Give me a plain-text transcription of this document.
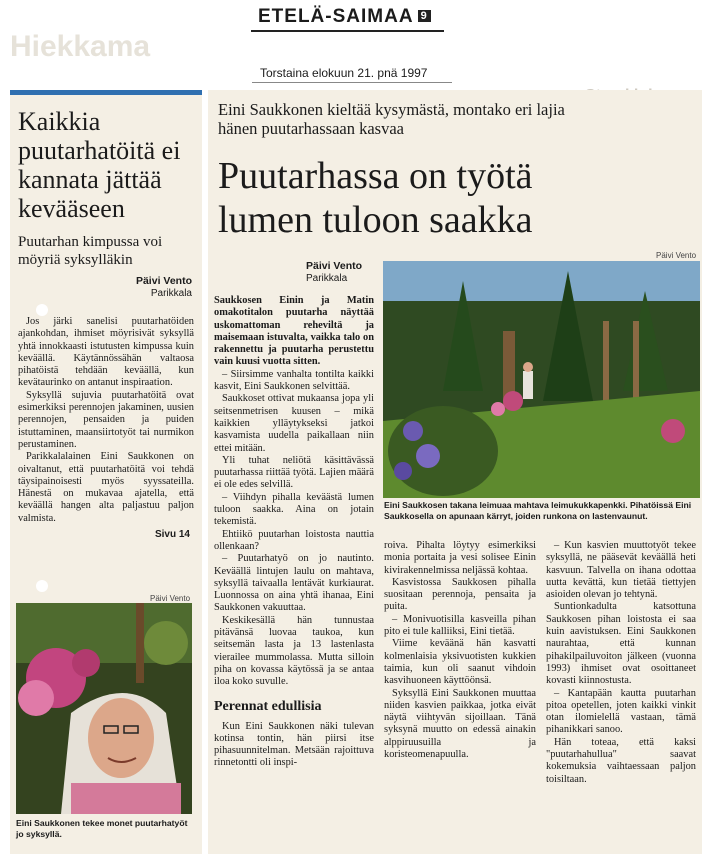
Hiekkama
ETELÄ-SAIMAA 9
Torstaina elokuun 21. pnä 1997
Kaikkia puutarhatöitä ei kannata jättää kevääseen
Puutarhan kimpussa voi möyriä syksylläkin
Päivi Vento
Parikkala

Jos järki sanelisi puutarhatöiden ajankohdan, ihmiset möyrisivät syksyllä yhtä innokkaasti istutusten kimpussa kuin keväällä. Käytännössähän valtaosa pihatöistä tehdään keväällä, kun kevätaurinko on antanut inspiraation.

Syksyllä sujuvia puutarhatöitä ovat esimerkiksi perennojen jakaminen, uusien perennojen, pensaiden ja puiden istuttaminen, maansiirtotyöt tai nurmikon perustaminen.

Parikkalalainen Eini Saukkonen on oivaltanut, että puutarhatöitä voi tehdä täysipainoisesti myös syyssateilla. Hänestä on mukavaa ajatella, että keväällä hangen alta paljastuu paljon valmista.

Sivu 14
Päivi Vento
Eini Saukkonen tekee monet puutarhatyöt jo syksyllä.
Eini Saukkonen kieltää kysymästä, montako eri lajia hänen puutarhassaan kasvaa
Puutarhassa on työtä lumen tuloon saakka
Päivi Vento
Parikkala

Saukkosen Einin ja Matin omakotitalon puutarha näyttää uskomattoman reheviltä ja maisemaan istuvalta, vaikka talo on rakennettu ja puutarha perustettu vain kuusi vuotta sitten.

– Siirsimme vanhalta tontilta kaikki kasvit, Eini Saukkonen selvittää.

Saukkoset ottivat mukaansa jopa yli seitsenmetrisen kuusen – mikä kaikkien ylläytykseksi jatkoi kasvamista uudella paikallaan niin ettei mitään.

Yli tuhat neliötä käsittävässä puutarhassa riittää työtä. Lajien määrä ei ole edes selvillä.

– Viihdyn pihalla keväästä lumen tuloon saakka. Aina on jotain tekemistä.

Ehtiikö puutarhan loistosta nauttia ollenkaan?

– Puutarhatyö on jo nautinto. Keväällä lintujen laulu on mahtava, syksyllä taivaalla lentävät kurkiaurat. Luonnossa on aina yhtä ihanaa, Eini Saukkonen vakuuttaa.

Keskikesällä hän tunnustaa pitävänsä luovaa taukoa, kun seitsemän lasta ja 13 lastenlasta vierailee mummolassa. Mutta silloin piha on kovassa käytössä ja se antaa iloa koko suvulle.

Perennat edullisia

Kun Eini Saukkonen näki tulevan kotinsa tontin, hän piirsi itse pihasuunnitelman. Metsään rajoittuva rinnetontti oli inspi-

roiva. Pihalta löytyy esimerkiksi monia portaita ja vesi solisee Einin kivirakennelmissa neljässä kohtaa.

Kasvistossa Saukkosen pihalla suositaan perennoja, pensaita ja puita.

– Monivuotisilla kasveilla pihan pito ei tule kalliiksi, Eini tietää.

Viime keväänä hän kasvatti kolmenlaisia yksivuotisten kukkien taimia, kun oli saanut vihdoin kasvihuoneen käyttöönsä.

Syksyllä Eini Saukkonen muuttaa niiden kasvien paikkaa, jotka eivät näytä viihtyvän sijoillaan. Tänä syksynä muutto on edessä ainakin alppiruusuilla ja koristeomenapuulla.

– Kun kasvien muuttotyöt tekee syksyllä, ne pääsevät keväällä heti kasvuun. Talvella on ihana odottaa uutta kevättä, kun tietää tiettyjen asioiden olevan jo tehtynä.

Suntionkadulta katsottuna Saukkosen pihan loistosta ei saa kuin aavistuksen. Eini Saukkonen naurahtaa, että kunnan pihakilpailuvoiton jälkeen (vuonna 1993) ihmiset ovat osoittaneet kovasti kiinnostusta.

– Kantapään kautta puutarhan pitoa opetellen, joten kaikki vinkit otan ilomielellä vastaan, tämä pihanikkari sanoo.

Hän toteaa, että kaksi "puutarhahullua" saavat kokemuksia vaihtaessaan paljon toisiltaan.

Päivi Vento
Eini Saukkosen takana leimuaa mahtava leimukukkapenkki. Pihatöissä Eini Saukkosella on apunaan kärryt, joiden runkona on lastenvaunut.
